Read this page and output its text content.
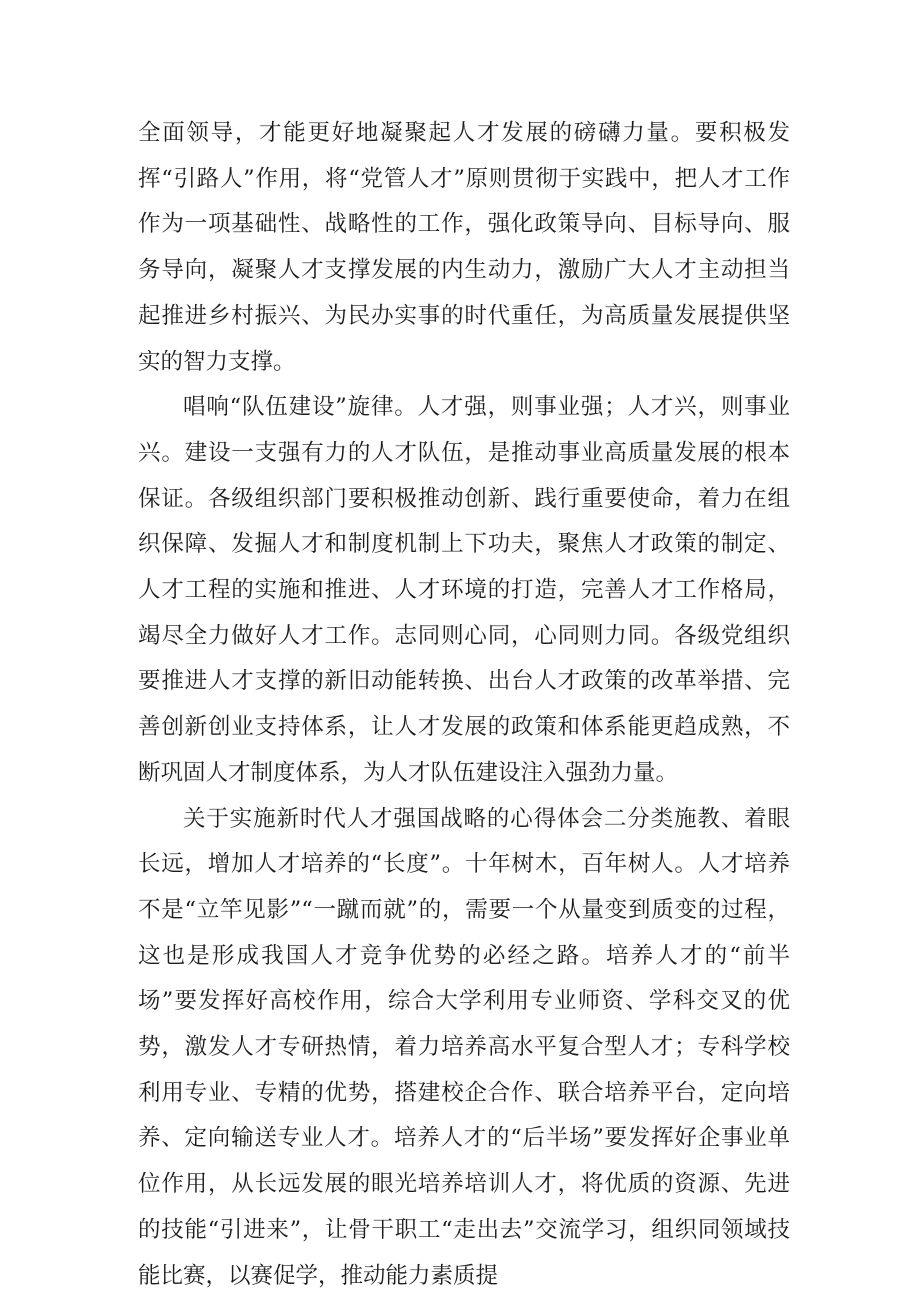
全面领导，才能更好地凝聚起人才发展的磅礴力量。要积极发挥“引路人”作用，将“党管人才”原则贯彻于实践中，把人才工作作为一项基础性、战略性的工作，强化政策导向、目标导向、服务导向，凝聚人才支撑发展的内生动力，激励广大人才主动担当起推进乡村振兴、为民办实事的时代重任，为高质量发展提供坚实的智力支撑。

唱响“队伍建设”旋律。人才强，则事业强；人才兴，则事业兴。建设一支强有力的人才队伍，是推动事业高质量发展的根本保证。各级组织部门要积极推动创新、践行重要使命，着力在组织保障、发掘人才和制度机制上下功夫，聚焦人才政策的制定、人才工程的实施和推进、人才环境的打造，完善人才工作格局，竭尽全力做好人才工作。志同则心同，心同则力同。各级党组织要推进人才支撑的新旧动能转换、出台人才政策的改革举措、完善创新创业支持体系，让人才发展的政策和体系能更趋成熟，不断巩固人才制度体系，为人才队伍建设注入强劲力量。

关于实施新时代人才强国战略的心得体会二分类施教、着眼长远，增加人才培养的“长度”。十年树木，百年树人。人才培养不是“立竿见影”“一蹴而就”的，需要一个从量变到质变的过程，这也是形成我国人才竞争优势的必经之路。培养人才的“前半场”要发挥好高校作用，综合大学利用专业师资、学科交叉的优势，激发人才专研热情，着力培养高水平复合型人才；专科学校利用专业、专精的优势，搭建校企合作、联合培养平台，定向培养、定向输送专业人才。培养人才的“后半场”要发挥好企事业单位作用，从长远发展的眼光培养培训人才，将优质的资源、先进的技能“引进来”，让骨干职工“走出去”交流学习，组织同领域技能比赛，以赛促学，推动能力素质提
